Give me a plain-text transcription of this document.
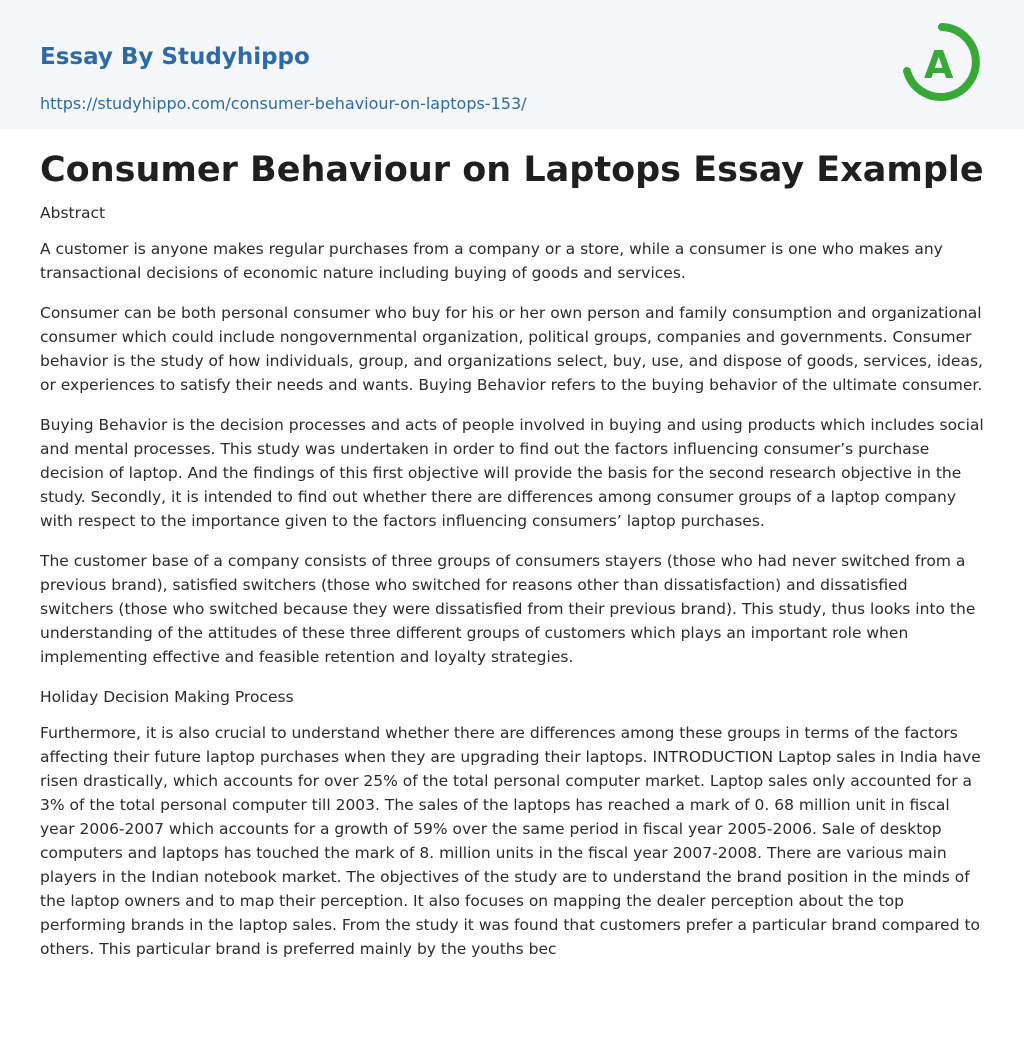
Essay By Studyhippo
https://studyhippo.com/consumer-behaviour-on-laptops-153/
A
Consumer Behaviour on Laptops Essay Example

Abstract

A customer is anyone makes regular purchases from a company or a store, while a consumer is one who makes any transactional decisions of economic nature including buying of goods and services.

Consumer can be both personal consumer who buy for his or her own person and family consumption and organizational consumer which could include nongovernmental organization, political groups, companies and governments. Consumer behavior is the study of how individuals, group, and organizations select, buy, use, and dispose of goods, services, ideas, or experiences to satisfy their needs and wants. Buying Behavior refers to the buying behavior of the ultimate consumer.

Buying Behavior is the decision processes and acts of people involved in buying and using products which includes social and mental processes. This study was undertaken in order to find out the factors influencing consumer’s purchase decision of laptop. And the findings of this first objective will provide the basis for the second research objective in the study. Secondly, it is intended to find out whether there are differences among consumer groups of a laptop company with respect to the importance given to the factors influencing consumers’ laptop purchases.

The customer base of a company consists of three groups of consumers stayers (those who had never switched from a previous brand), satisfied switchers (those who switched for reasons other than dissatisfaction) and dissatisfied switchers (those who switched because they were dissatisfied from their previous brand). This study, thus looks into the understanding of the attitudes of these three different groups of customers which plays an important role when implementing effective and feasible retention and loyalty strategies.

Holiday Decision Making Process

Furthermore, it is also crucial to understand whether there are differences among these groups in terms of the factors affecting their future laptop purchases when they are upgrading their laptops. INTRODUCTION Laptop sales in India have risen drastically, which accounts for over 25% of the total personal computer market. Laptop sales only accounted for a 3% of the total personal computer till 2003. The sales of the laptops has reached a mark of 0. 68 million unit in fiscal year 2006-2007 which accounts for a growth of 59% over the same period in fiscal year 2005-2006. Sale of desktop computers and laptops has touched the mark of 8. million units in the fiscal year 2007-2008. There are various main players in the Indian notebook market. The objectives of the study are to understand the brand position in the minds of the laptop owners and to map their perception. It also focuses on mapping the dealer perception about the top performing brands in the laptop sales. From the study it was found that customers prefer a particular brand compared to others. This particular brand is preferred mainly by the youths bec
